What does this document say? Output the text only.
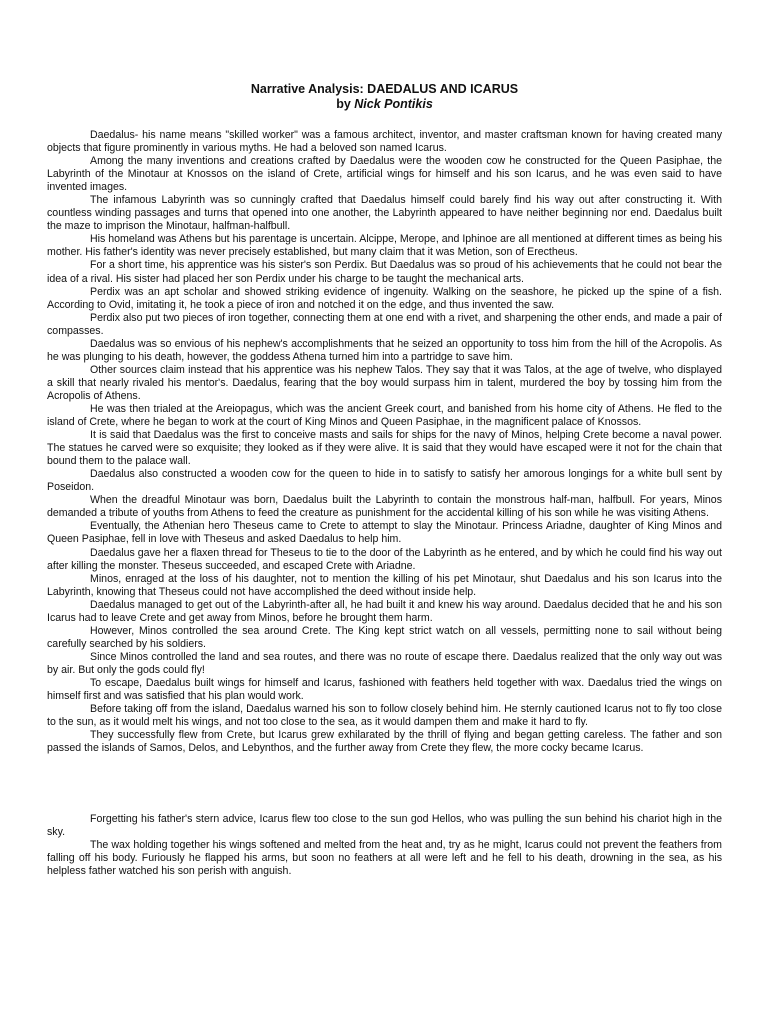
Narrative Analysis: DAEDALUS AND ICARUS
by Nick Pontikis

Daedalus- his name means "skilled worker" was a famous architect, inventor, and master craftsman known for having created many objects that figure prominently in various myths. He had a beloved son named Icarus.

Among the many inventions and creations crafted by Daedalus were the wooden cow he constructed for the Queen Pasiphae, the Labyrinth of the Minotaur at Knossos on the island of Crete, artificial wings for himself and his son Icarus, and he was even said to have invented images.

The infamous Labyrinth was so cunningly crafted that Daedalus himself could barely find his way out after constructing it. With countless winding passages and turns that opened into one another, the Labyrinth appeared to have neither beginning nor end. Daedalus built the maze to imprison the Minotaur, halfman-halfbull.

His homeland was Athens but his parentage is uncertain. Alcippe, Merope, and Iphinoe are all mentioned at different times as being his mother. His father's identity was never precisely established, but many claim that it was Metion, son of Erectheus.

For a short time, his apprentice was his sister's son Perdix. But Daedalus was so proud of his achievements that he could not bear the idea of a rival. His sister had placed her son Perdix under his charge to be taught the mechanical arts.

Perdix was an apt scholar and showed striking evidence of ingenuity. Walking on the seashore, he picked up the spine of a fish. According to Ovid, imitating it, he took a piece of iron and notched it on the edge, and thus invented the saw.

Perdix also put two pieces of iron together, connecting them at one end with a rivet, and sharpening the other ends, and made a pair of compasses.

Daedalus was so envious of his nephew's accomplishments that he seized an opportunity to toss him from the hill of the Acropolis. As he was plunging to his death, however, the goddess Athena turned him into a partridge to save him.

Other sources claim instead that his apprentice was his nephew Talos. They say that it was Talos, at the age of twelve, who displayed a skill that nearly rivaled his mentor's. Daedalus, fearing that the boy would surpass him in talent, murdered the boy by tossing him from the Acropolis of Athens.

He was then trialed at the Areiopagus, which was the ancient Greek court, and banished from his home city of Athens. He fled to the island of Crete, where he began to work at the court of King Minos and Queen Pasiphae, in the magnificent palace of Knossos.

It is said that Daedalus was the first to conceive masts and sails for ships for the navy of Minos, helping Crete become a naval power. The statues he carved were so exquisite; they looked as if they were alive. It is said that they would have escaped were it not for the chain that bound them to the palace wall.

Daedalus also constructed a wooden cow for the queen to hide in to satisfy to satisfy her amorous longings for a white bull sent by Poseidon.

When the dreadful Minotaur was born, Daedalus built the Labyrinth to contain the monstrous half-man, halfbull. For years, Minos demanded a tribute of youths from Athens to feed the creature as punishment for the accidental killing of his son while he was visiting Athens.

Eventually, the Athenian hero Theseus came to Crete to attempt to slay the Minotaur. Princess Ariadne, daughter of King Minos and Queen Pasiphae, fell in love with Theseus and asked Daedalus to help him.

Daedalus gave her a flaxen thread for Theseus to tie to the door of the Labyrinth as he entered, and by which he could find his way out after killing the monster. Theseus succeeded, and escaped Crete with Ariadne.

Minos, enraged at the loss of his daughter, not to mention the killing of his pet Minotaur, shut Daedalus and his son Icarus into the Labyrinth, knowing that Theseus could not have accomplished the deed without inside help.

Daedalus managed to get out of the Labyrinth-after all, he had built it and knew his way around. Daedalus decided that he and his son Icarus had to leave Crete and get away from Minos, before he brought them harm.

However, Minos controlled the sea around Crete. The King kept strict watch on all vessels, permitting none to sail without being carefully searched by his soldiers.

Since Minos controlled the land and sea routes, and there was no route of escape there. Daedalus realized that the only way out was by air. But only the gods could fly!

To escape, Daedalus built wings for himself and Icarus, fashioned with feathers held together with wax. Daedalus tried the wings on himself first and was satisfied that his plan would work.

Before taking off from the island, Daedalus warned his son to follow closely behind him. He sternly cautioned Icarus not to fly too close to the sun, as it would melt his wings, and not too close to the sea, as it would dampen them and make it hard to fly.

They successfully flew from Crete, but Icarus grew exhilarated by the thrill of flying and began getting careless. The father and son passed the islands of Samos, Delos, and Lebynthos, and the further away from Crete they flew, the more cocky became Icarus.

Forgetting his father's stern advice, Icarus flew too close to the sun god Hellos, who was pulling the sun behind his chariot high in the sky.

The wax holding together his wings softened and melted from the heat and, try as he might, Icarus could not prevent the feathers from falling off his body. Furiously he flapped his arms, but soon no feathers at all were left and he fell to his death, drowning in the sea, as his helpless father watched his son perish with anguish.
